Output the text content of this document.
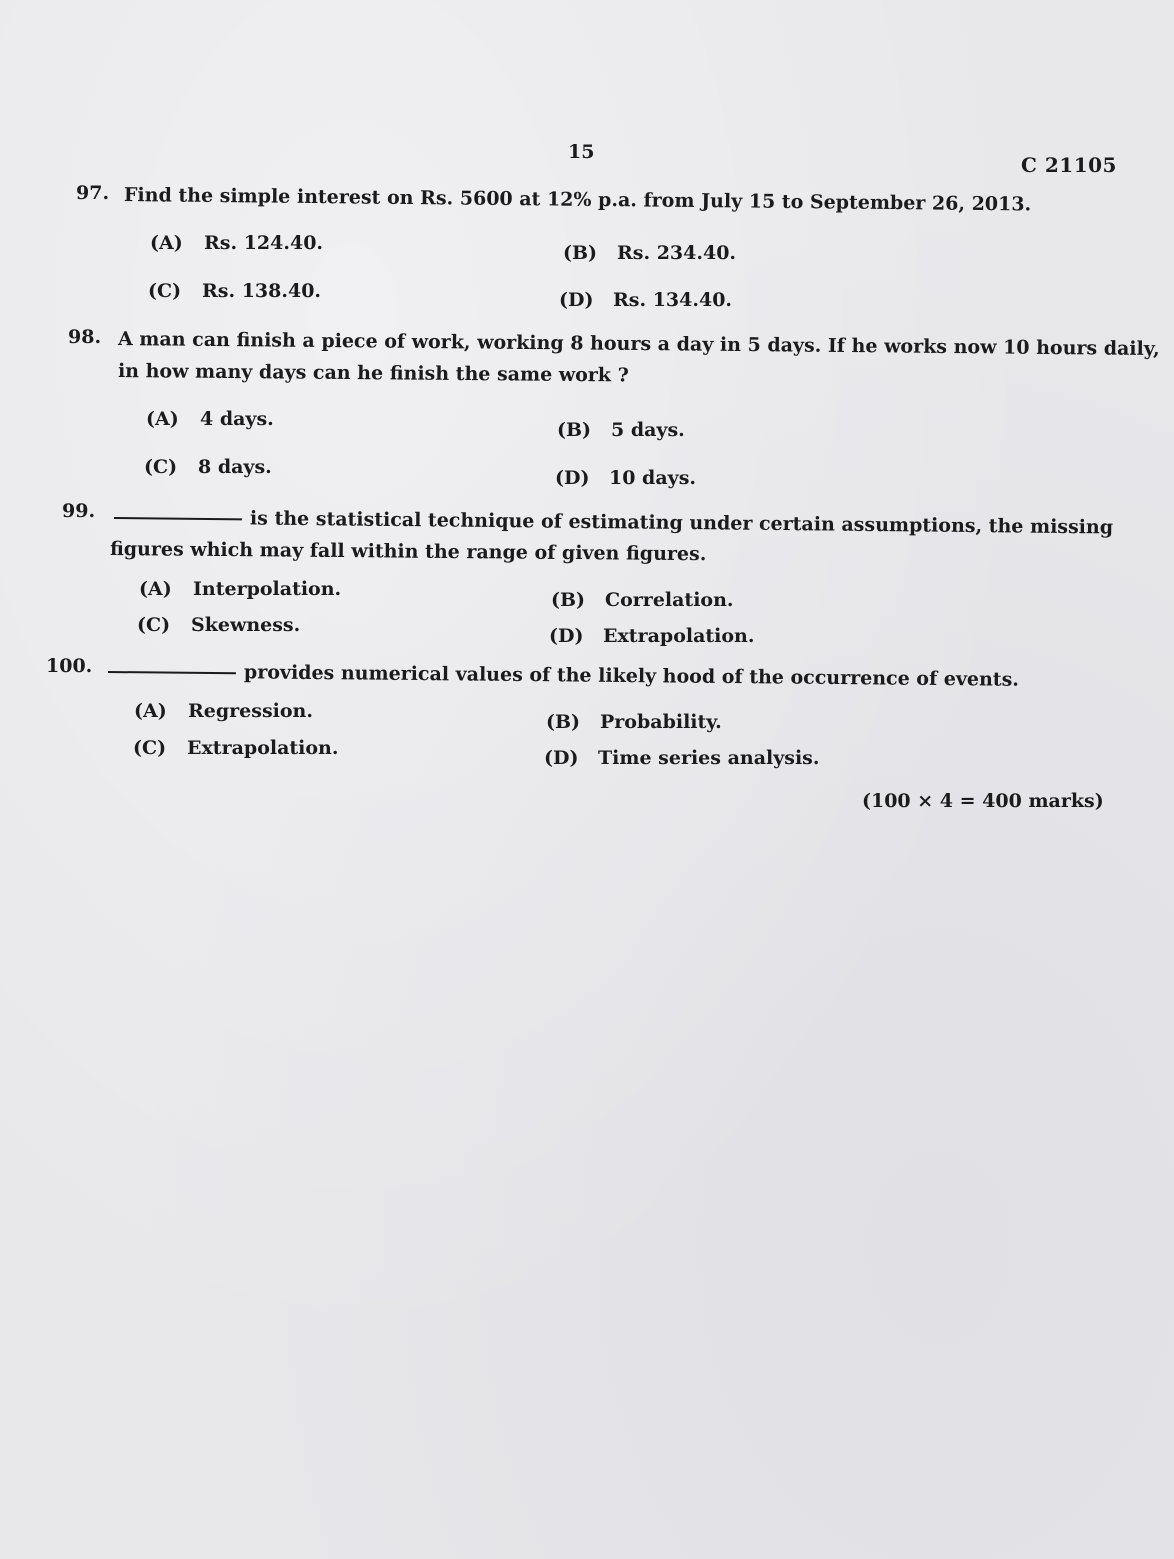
15
C 21105
97. Find the simple interest on Rs. 5600 at 12% p.a. from July 15 to September 26, 2013.
(A) Rs. 124.40.	(B) Rs. 234.40.
(C) Rs. 138.40.	(D) Rs. 134.40.
98. A man can finish a piece of work, working 8 hours a day in 5 days. If he works now 10 hours daily,
in how many days can he finish the same work ?
(A) 4 days.	(B) 5 days.
(C) 8 days.	(D) 10 days.
99.	is the statistical technique of estimating under certain assumptions, the missing
figures which may fall within the range of given figures.
(A) Interpolation.	(B) Correlation.
(C) Skewness.	(D) Extrapolation.
100.	provides numerical values of the likely hood of the occurrence of events.
(A) Regression.	(B) Probability.
(C) Extrapolation.	(D) Time series analysis.
(100 × 4 = 400 marks)
